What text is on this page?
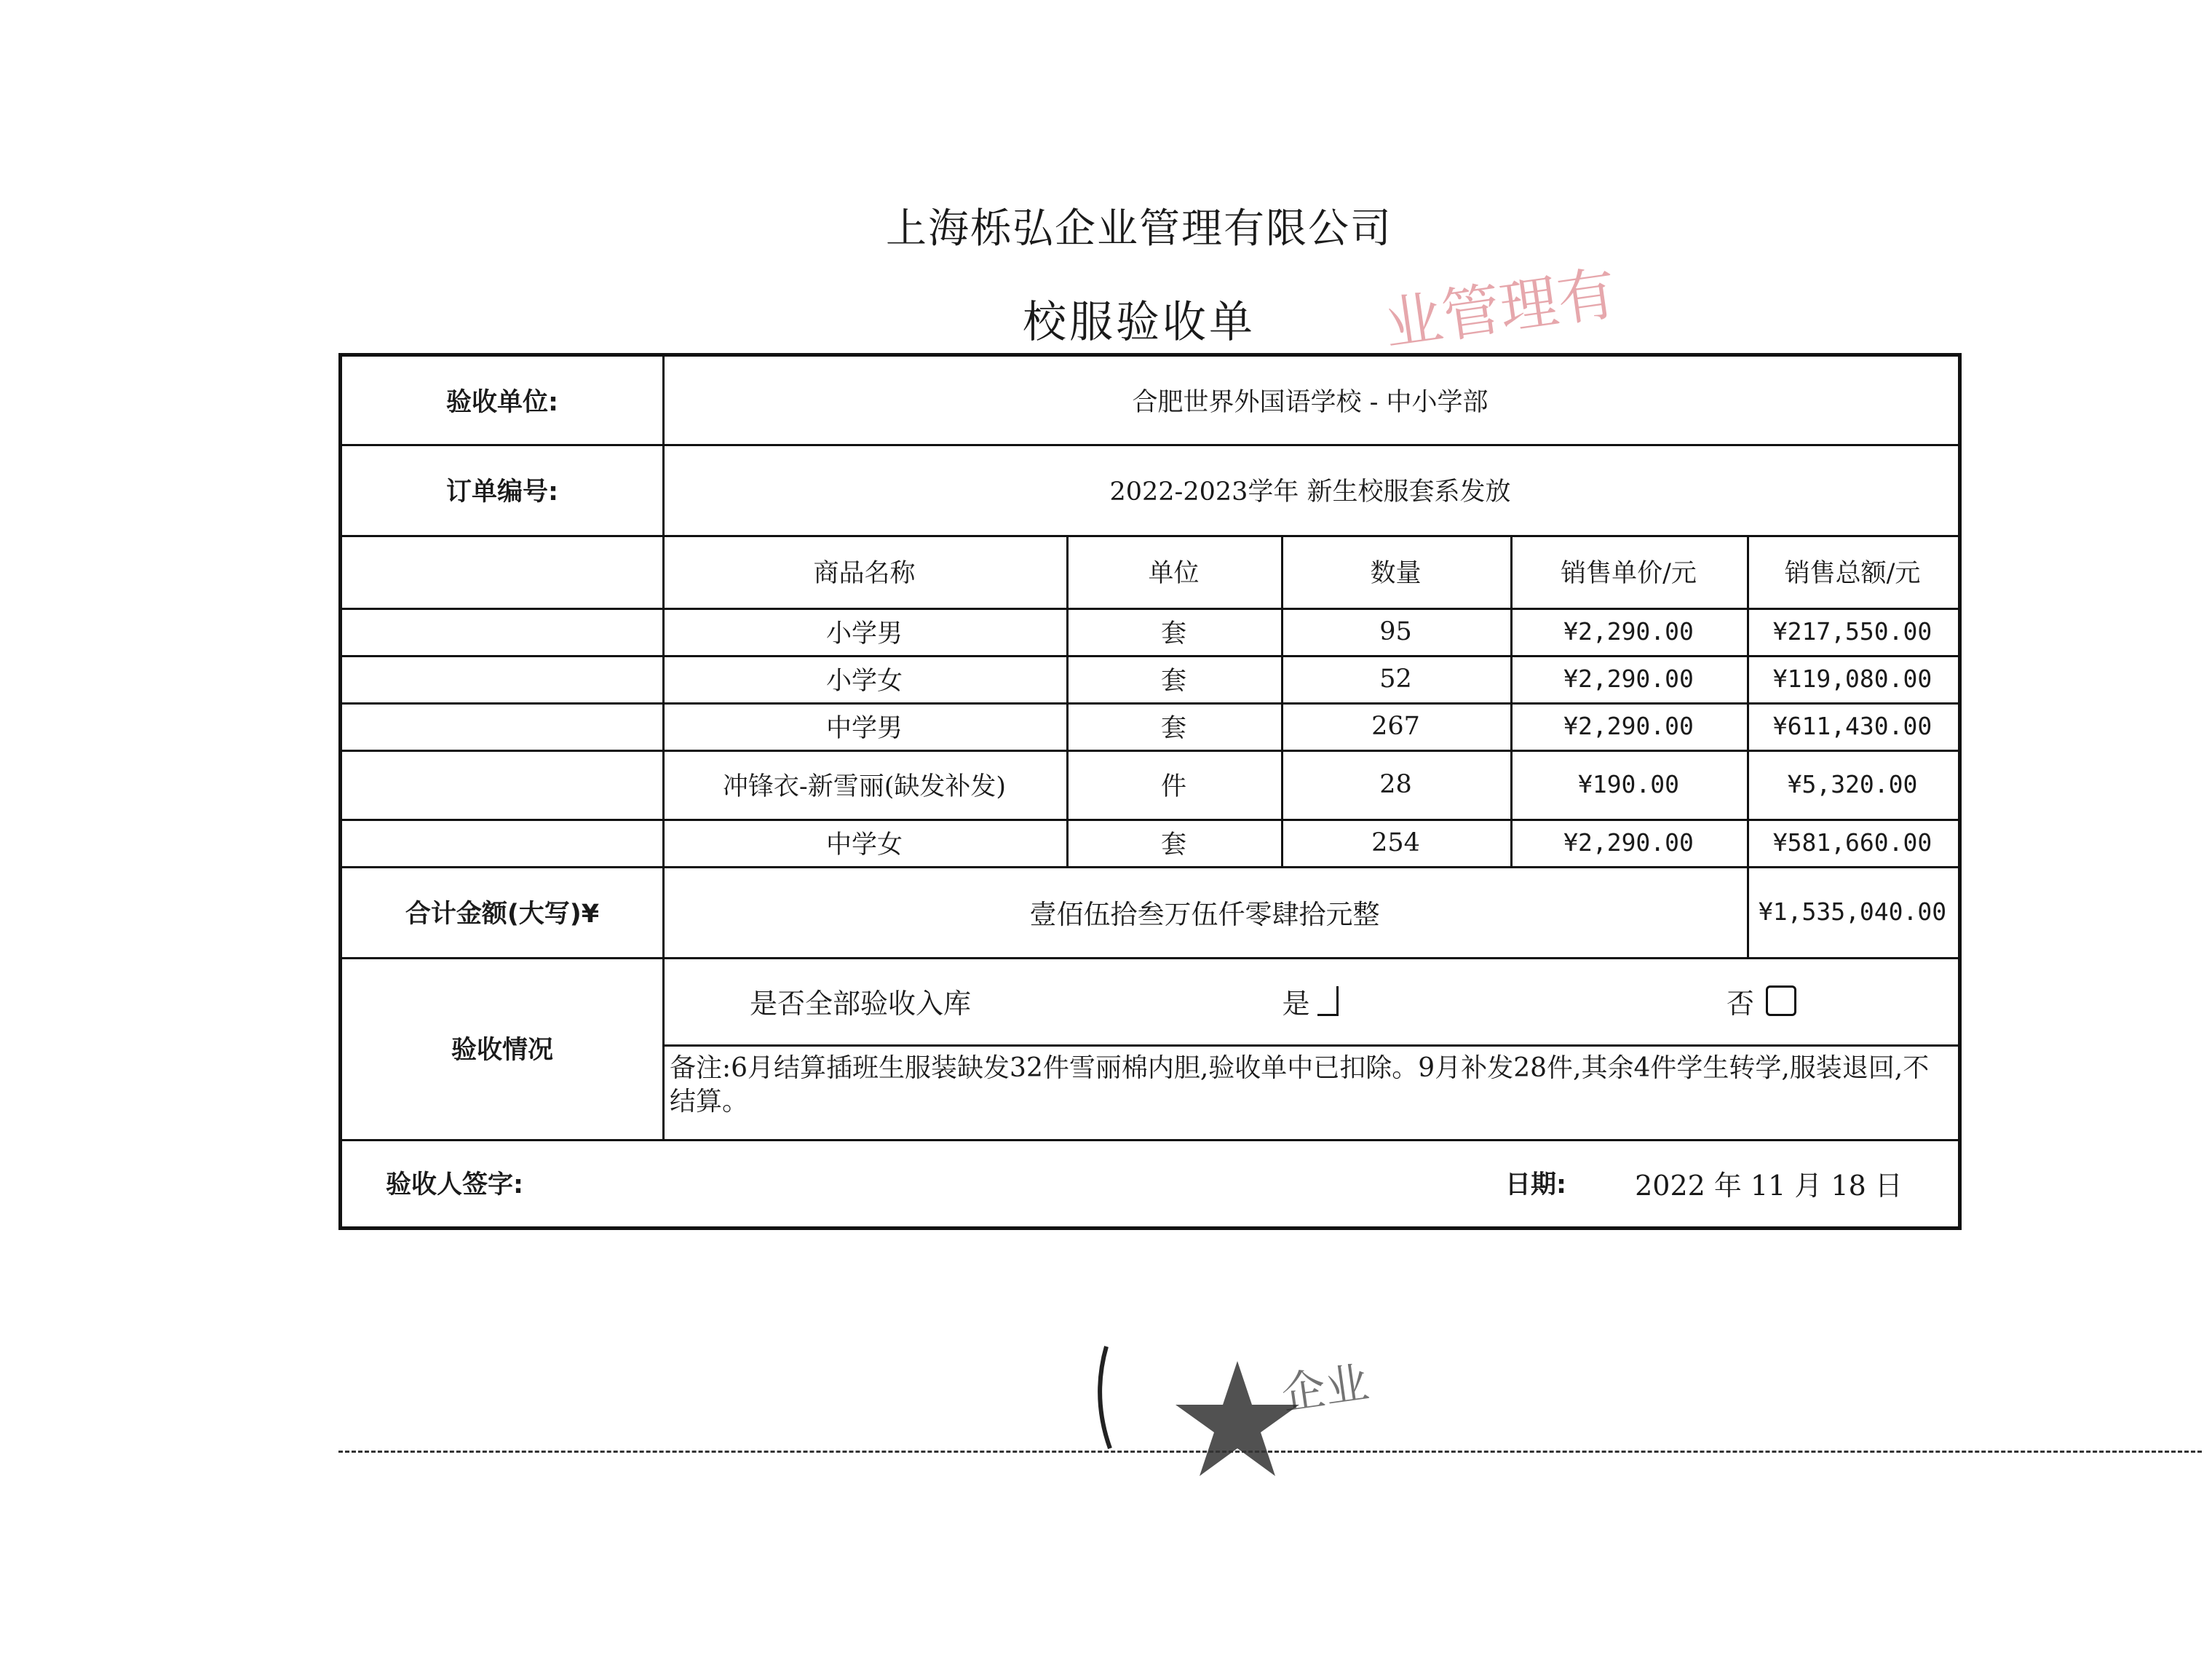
上海栎弘企业管理有限公司
校服验收单	业管理有
验收单位:	合肥世界外国语学校 - 中小学部
订单编号:	2022-2023学年 新生校服套系发放
商品名称	单位	数量	销售单价/元	销售总额/元
小学男	套	95	¥2,290.00	¥217,550.00
小学女	套	52	¥2,290.00	¥119,080.00
中学男	套	267	¥2,290.00	¥611,430.00
冲锋衣-新雪丽(缺发补发)	件	28	¥190.00	¥5,320.00
中学女	套	254	¥2,290.00	¥581,660.00
合计金额(大写)¥	壹佰伍拾叁万伍仟零肆拾元整	¥1,535,040.00
验收情况
是否全部验收入库	是	否
备注:6月结算插班生服装缺发32件雪丽棉内胆,验收单中已扣除。9月补发28件,其余4件学生转学,服装退回,不结算。
验收人签字:	日期:	2022 年 11 月 18 日
企业
